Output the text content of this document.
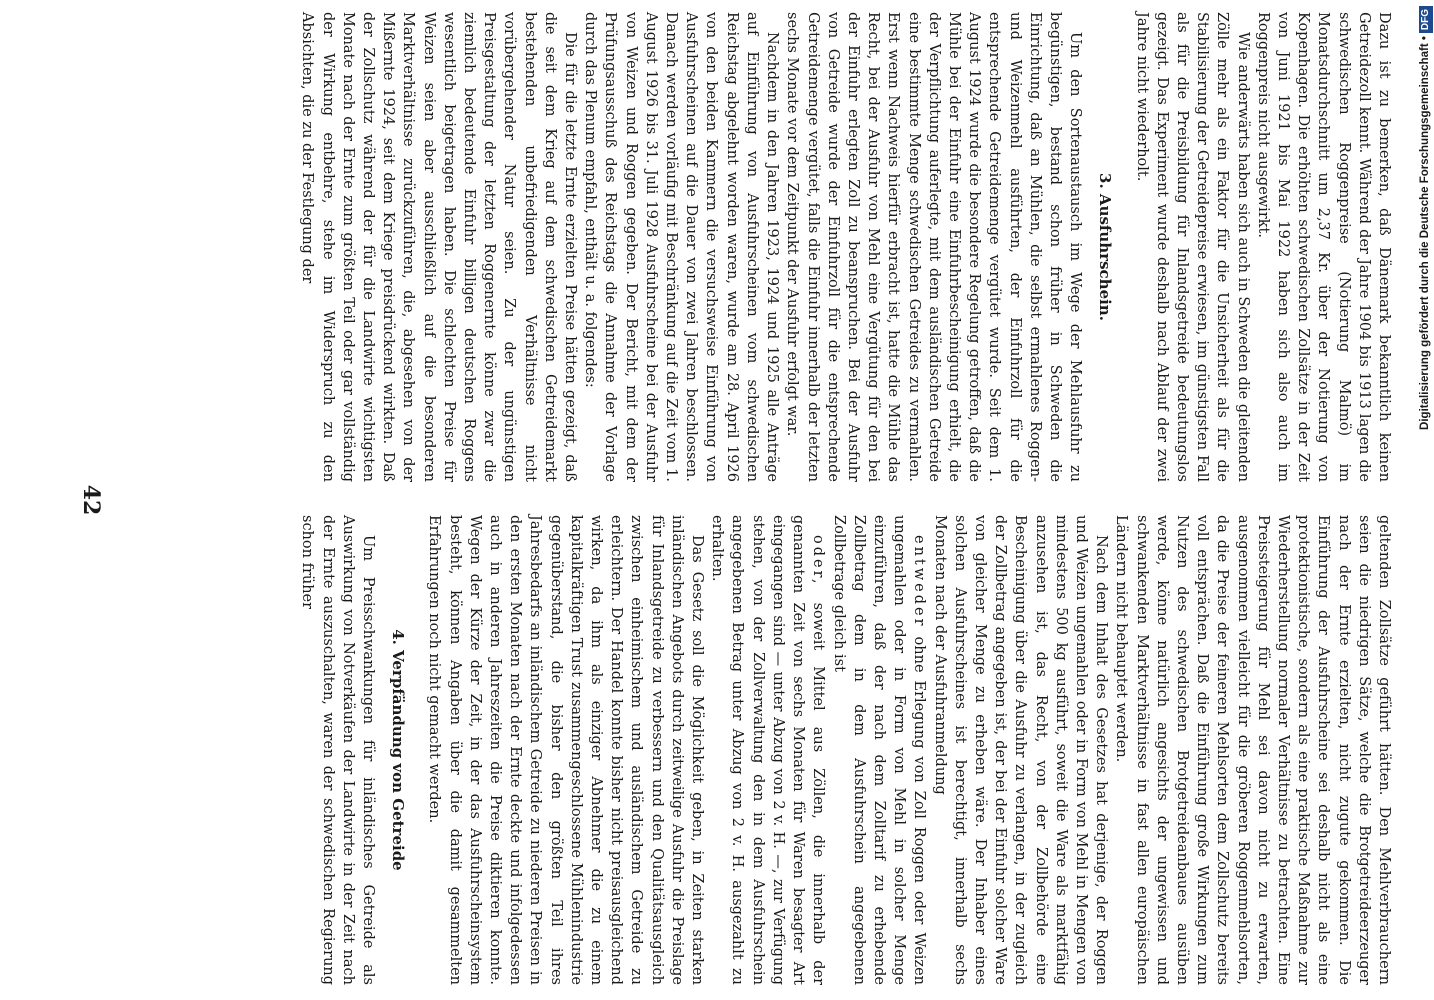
42

Dazu ist zu bemerken, daß Dänemark bekanntlich keinen Getreidezoll kennt. Während der Jahre 1904 bis 1913 lagen die schwedischen Roggenpreise (Notierung Malmö) im Monatsdurchschnitt um 2,37 Kr. über der Notierung von Kopenhagen. Die erhöhten schwedischen Zollsätze in der Zeit von Juni 1921 bis Mai 1922 haben sich also auch im Roggenpreis nicht ausgewirkt.

Wie anderwärts haben sich auch in Schweden die gleitenden Zölle mehr als ein Faktor für die Unsicherheit als für die Stabilisierung der Getreidepreise erwiesen, im günstigsten Fall als für die Preisbildung für Inlandsgetreide bedeutungslos gezeigt. Das Experiment wurde deshalb nach Ablauf der zwei Jahre nicht wiederholt.

3. Ausfuhrschein.

Um den Sortenaustausch im Wege der Mehlausfuhr zu begünstigen, bestand schon früher in Schweden die Einrichtung, daß an Mühlen, die selbst ermahlenes Roggen- und Weizenmehl ausführten, der Einfuhrzoll für die entsprechende Getreidemenge vergütet wurde. Seit dem 1. August 1924 wurde die besondere Regelung getroffen, daß die Mühle bei der Einfuhr eine Einfuhrbescheinigung erhielt, die der Verpflichtung auferlegte, mit dem ausländischen Getreide eine bestimmte Menge schwedischen Getreides zu vermahlen. Erst wenn Nachweis hierfür erbracht ist, hatte die Mühle das Recht, bei der Ausfuhr von Mehl eine Vergütung für den bei der Einfuhr erlegten Zoll zu beanspruchen. Bei der Ausfuhr von Getreide wurde der Einfuhrzoll für die entsprechende Getreidemenge vergütet, falls die Einfuhr innerhalb der letzten sechs Monate vor dem Zeitpunkt der Ausfuhr erfolgt war.

Nachdem in den Jahren 1923, 1924 und 1925 alle Anträge auf Einführung von Ausfuhrscheinen vom schwedischen Reichstag abgelehnt worden waren, wurde am 28. April 1926 von den beiden Kammern die versuchsweise Einführung von Ausfuhrscheinen auf die Dauer von zwei Jahren beschlossen. Danach werden vorläufig mit Beschränkung auf die Zeit vom 1. August 1926 bis 31. Juli 1928 Ausfuhrscheine bei der Ausfuhr von Weizen und Roggen gegeben. Der Bericht, mit dem der Prüfungsausschuß des Reichstags die Annahme der Vorlage durch das Plenum empfahl, enthält u. a. folgendes:

Die für die letzte Ernte erzielten Preise hätten gezeigt, daß die seit dem Krieg auf dem schwedischen Getreidemarkt bestehenden unbefriedigenden Verhältnisse nicht vorübergehender Natur seien. Zu der ungünstigen Preisgestaltung der letzten Roggenernte könne zwar die ziemlich bedeutende Einfuhr billigen deutschen Roggens wesentlich beigetragen haben. Die schlechten Preise für Weizen seien aber ausschließlich auf die besonderen Marktverhältnisse zurückzuführen, die, abgesehen von der Mißernte 1924, seit dem Kriege preisdrückend wirkten. Daß der Zollschutz während der für die Landwirte wichtigsten Monate nach der Ernte zum größten Teil oder gar vollständig der Wirkung entbehre, stehe im Widerspruch zu den Absichten, die zu der Festlegung der

geltenden Zollsätze geführt hätten. Den Mehlverbrauchern seien die niedrigen Sätze, welche die Brotgetreideerzeuger nach der Ernte erzielten, nicht zugute gekommen. Die Einführung der Ausfuhrscheine sei deshalb nicht als eine protektionistische, sondern als eine praktische Maßnahme zur Wiederherstellung normaler Verhältnisse zu betrachten. Eine Preissteigerung für Mehl sei davon nicht zu erwarten, ausgenommen vielleicht für die gröberen Roggenmehlsorten, da die Preise der feineren Mehlsorten dem Zollschutz bereits voll entsprächen. Daß die Einführung große Wirkungen zum Nutzen des schwedischen Brotgetreideanbaues ausüben werde, könne natürlich angesichts der ungewissen und schwankenden Marktverhältnisse in fast allen europäischen Ländern nicht behauptet werden.

Nach dem Inhalt des Gesetzes hat derjenige, der Roggen und Weizen ungemahlen oder in Form von Mehl in Mengen von mindestens 500 kg ausführt, soweit die Ware als marktfähig anzusehen ist, das Recht, von der Zollbehörde eine Bescheinigung über die Ausfuhr zu verlangen, in der zugleich der Zollbetrag angegeben ist, der bei der Einfuhr solcher Ware von gleicher Menge zu erheben wäre. Der Inhaber eines solchen Ausfuhrscheines ist berechtigt, innerhalb sechs Monaten nach der Ausfuhranmeldung

entweder ohne Erlegung von Zoll Roggen oder Weizen ungemahlen oder in Form von Mehl in solcher Menge einzuführen, daß der nach dem Zolltarif zu erhebende Zollbetrag dem in dem Ausfuhrschein angegebenen Zollbetrage gleich ist

oder, soweit Mittel aus Zöllen, die innerhalb der genannten Zeit von sechs Monaten für Waren besagter Art eingegangen sind — unter Abzug von 2 v. H. —, zur Verfügung stehen, von der Zollverwaltung den in dem Ausfuhrschein angegebenen Betrag unter Abzug von 2 v. H. ausgezahlt zu erhalten.

Das Gesetz soll die Möglichkeit geben, in Zeiten starken inländischen Angebots durch zeitweilige Ausfuhr die Preislage für Inlandsgetreide zu verbessern und den Qualitätsausgleich zwischen einheimischem und ausländischem Getreide zu erleichtern. Der Handel konnte bisher nicht preisausgleichend wirken, da ihm als einziger Abnehmer die zu einem kapitalkräftigen Trust zusammengeschlossene Mühlenindustrie gegenüberstand, die bisher den größten Teil ihres Jahresbedarfs an inländischem Getreide zu niederen Preisen in den ersten Monaten nach der Ernte deckte und infolgedessen auch in anderen Jahreszeiten die Preise diktieren konnte. Wegen der Kürze der Zeit, in der das Ausfuhrscheinsystem besteht, können Angaben über die damit gesammelten Erfahrungen noch nicht gemacht werden.

4. Verpfändung von Getreide

Um Preisschwankungen für inländisches Getreide als Auswirkung von Notverkäufen der Landwirte in der Zeit nach der Ernte auszuschalten, waren der schwedischen Regierung schon früher

Digitalisierung gefördert durch die Deutsche Forschungsgemeinschaft •DFG
